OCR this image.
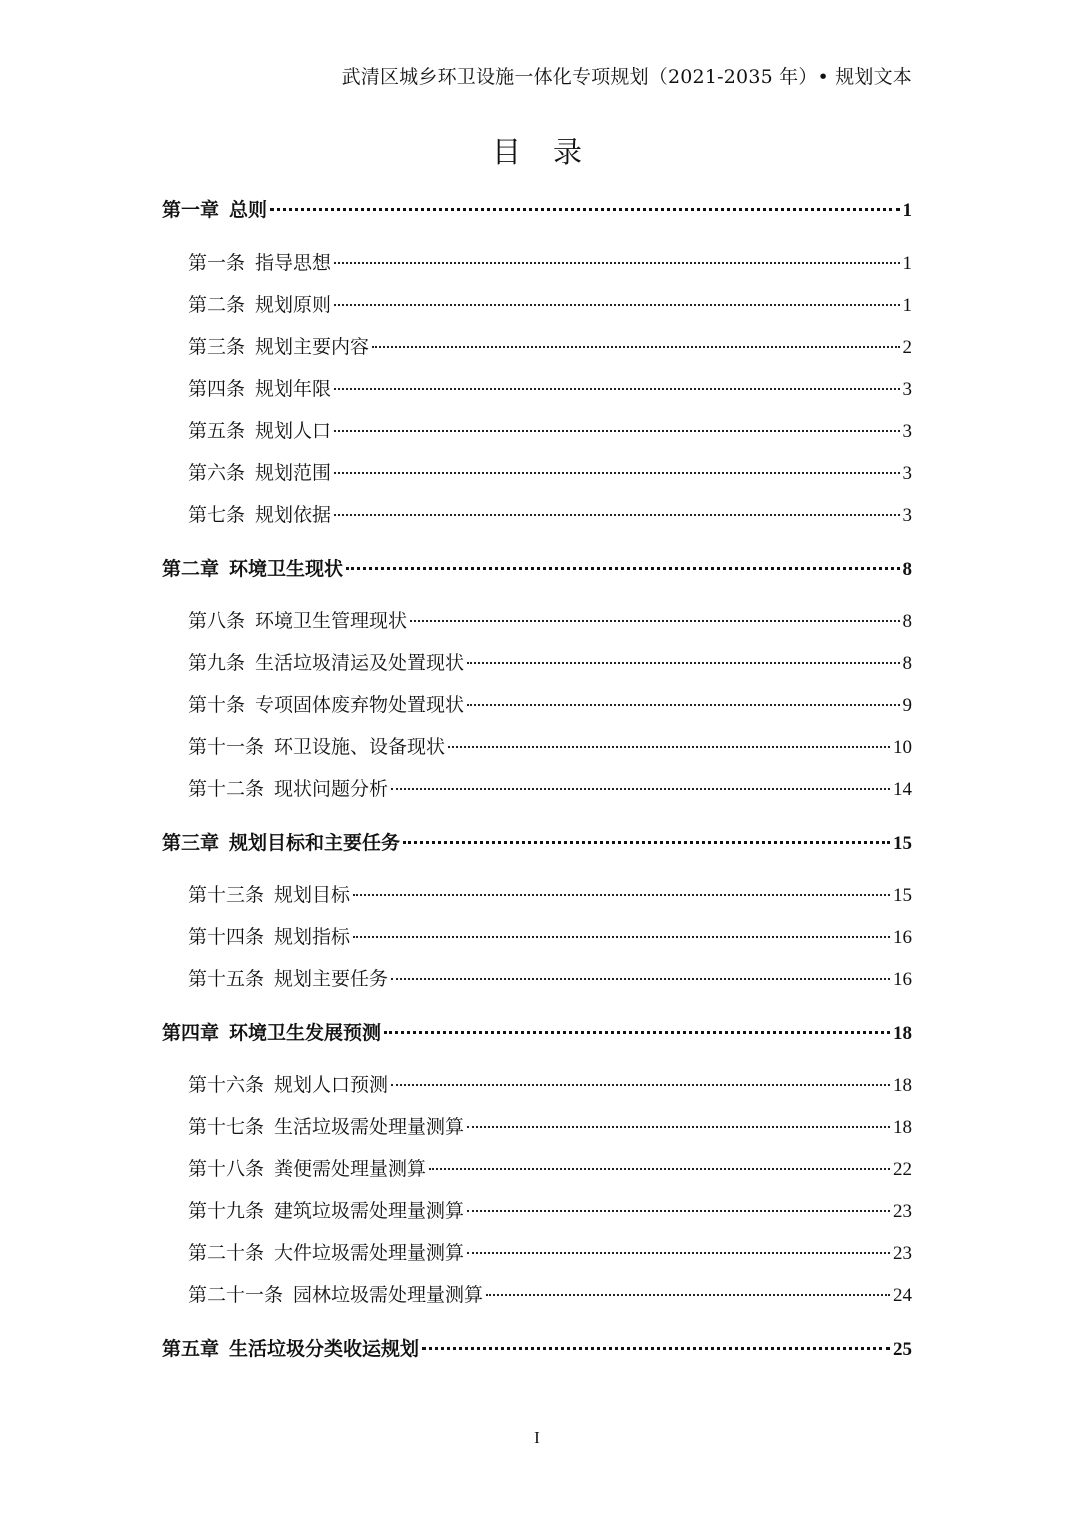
武清区城乡环卫设施一体化专项规划（2021-2035 年）• 规划文本
目录
第一章 总则	1
第一条 指导思想	1
第二条 规划原则	1
第三条 规划主要内容	2
第四条 规划年限	3
第五条 规划人口	3
第六条 规划范围	3
第七条 规划依据	3
第二章 环境卫生现状	8
第八条 环境卫生管理现状	8
第九条 生活垃圾清运及处置现状	8
第十条 专项固体废弃物处置现状	9
第十一条 环卫设施、设备现状	10
第十二条 现状问题分析	14
第三章 规划目标和主要任务	15
第十三条 规划目标	15
第十四条 规划指标	16
第十五条 规划主要任务	16
第四章 环境卫生发展预测	18
第十六条 规划人口预测	18
第十七条 生活垃圾需处理量测算	18
第十八条 粪便需处理量测算	22
第十九条 建筑垃圾需处理量测算	23
第二十条 大件垃圾需处理量测算	23
第二十一条 园林垃圾需处理量测算	24
第五章 生活垃圾分类收运规划	25
I
